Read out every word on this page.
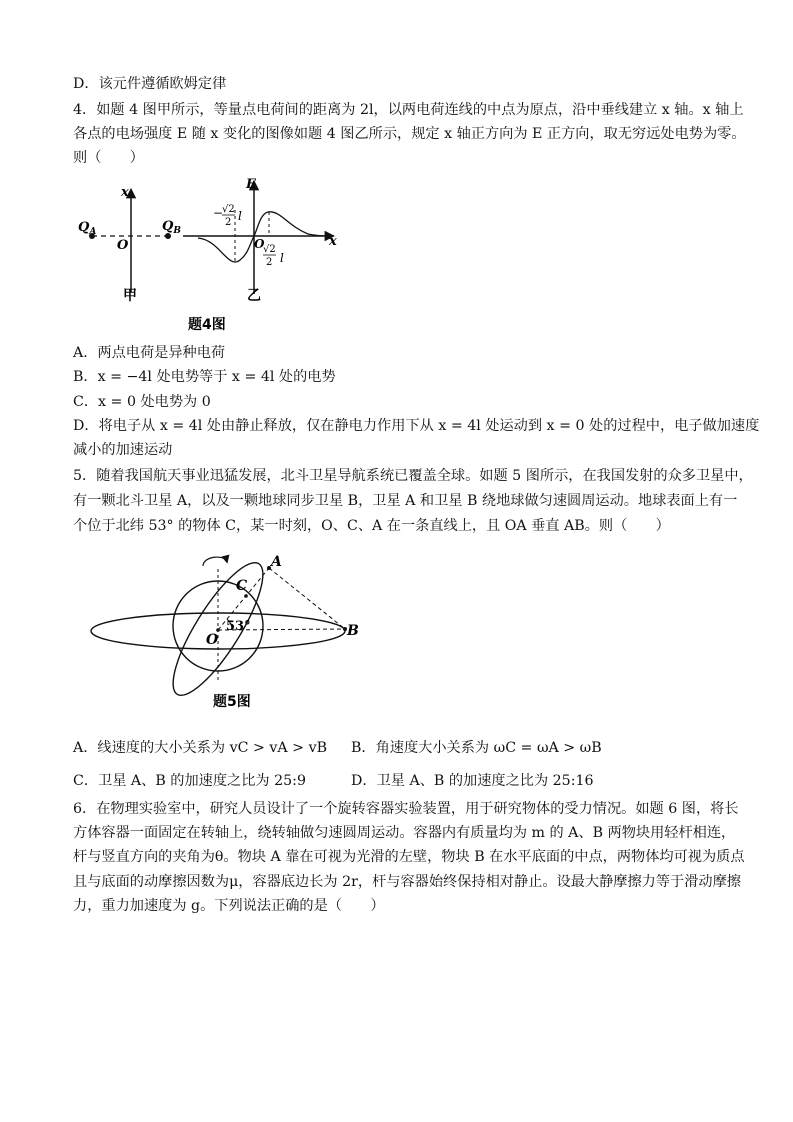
D．该元件遵循欧姆定律
4．如题 4 图甲所示，等量点电荷间的距离为 2l，以两电荷连线的中点为原点，沿中垂线建立 x 轴。x 轴上
各点的电场强度 E 随 x 变化的图像如题 4 图乙所示，规定 x 轴正方向为 E 正方向，取无穷远处电势为零。
则（　　）
$Q_A$	$Q_B$
x
O
甲
E
x
O
−
√2
2 l
√2
2 l
乙
题4图
A．两点电荷是异种电荷
B．x = −4l 处电势等于 x = 4l 处的电势
C．x = 0 处电势为 0
D．将电子从 x = 4l 处由静止释放，仅在静电力作用下从 x = 4l 处运动到 x = 0 处的过程中，电子做加速度
减小的加速运动
5．随着我国航天事业迅猛发展，北斗卫星导航系统已覆盖全球。如题 5 图所示，在我国发射的众多卫星中，
有一颗北斗卫星 A，以及一颗地球同步卫星 B，卫星 A 和卫星 B 绕地球做匀速圆周运动。地球表面上有一
个位于北纬 53° 的物体 C，某一时刻，O、C、A 在一条直线上，且 OA 垂直 AB。则（　　）
A
B
C
O
53°
题5图
A．线速度的大小关系为 vC > vA > vB B．角速度大小关系为 ωC = ωA > ωB
C．卫星 A、B 的加速度之比为 25:9	D．卫星 A、B 的加速度之比为 25:16
6．在物理实验室中，研究人员设计了一个旋转容器实验装置，用于研究物体的受力情况。如题 6 图，将长
方体容器一面固定在转轴上，绕转轴做匀速圆周运动。容器内有质量均为 m 的 A、B 两物块用轻杆相连，
杆与竖直方向的夹角为θ。物块 A 靠在可视为光滑的左壁，物块 B 在水平底面的中点，两物体均可视为质点
且与底面的动摩擦因数为μ，容器底边长为 2r，杆与容器始终保持相对静止。设最大静摩擦力等于滑动摩擦
力，重力加速度为 g。下列说法正确的是（　　）
